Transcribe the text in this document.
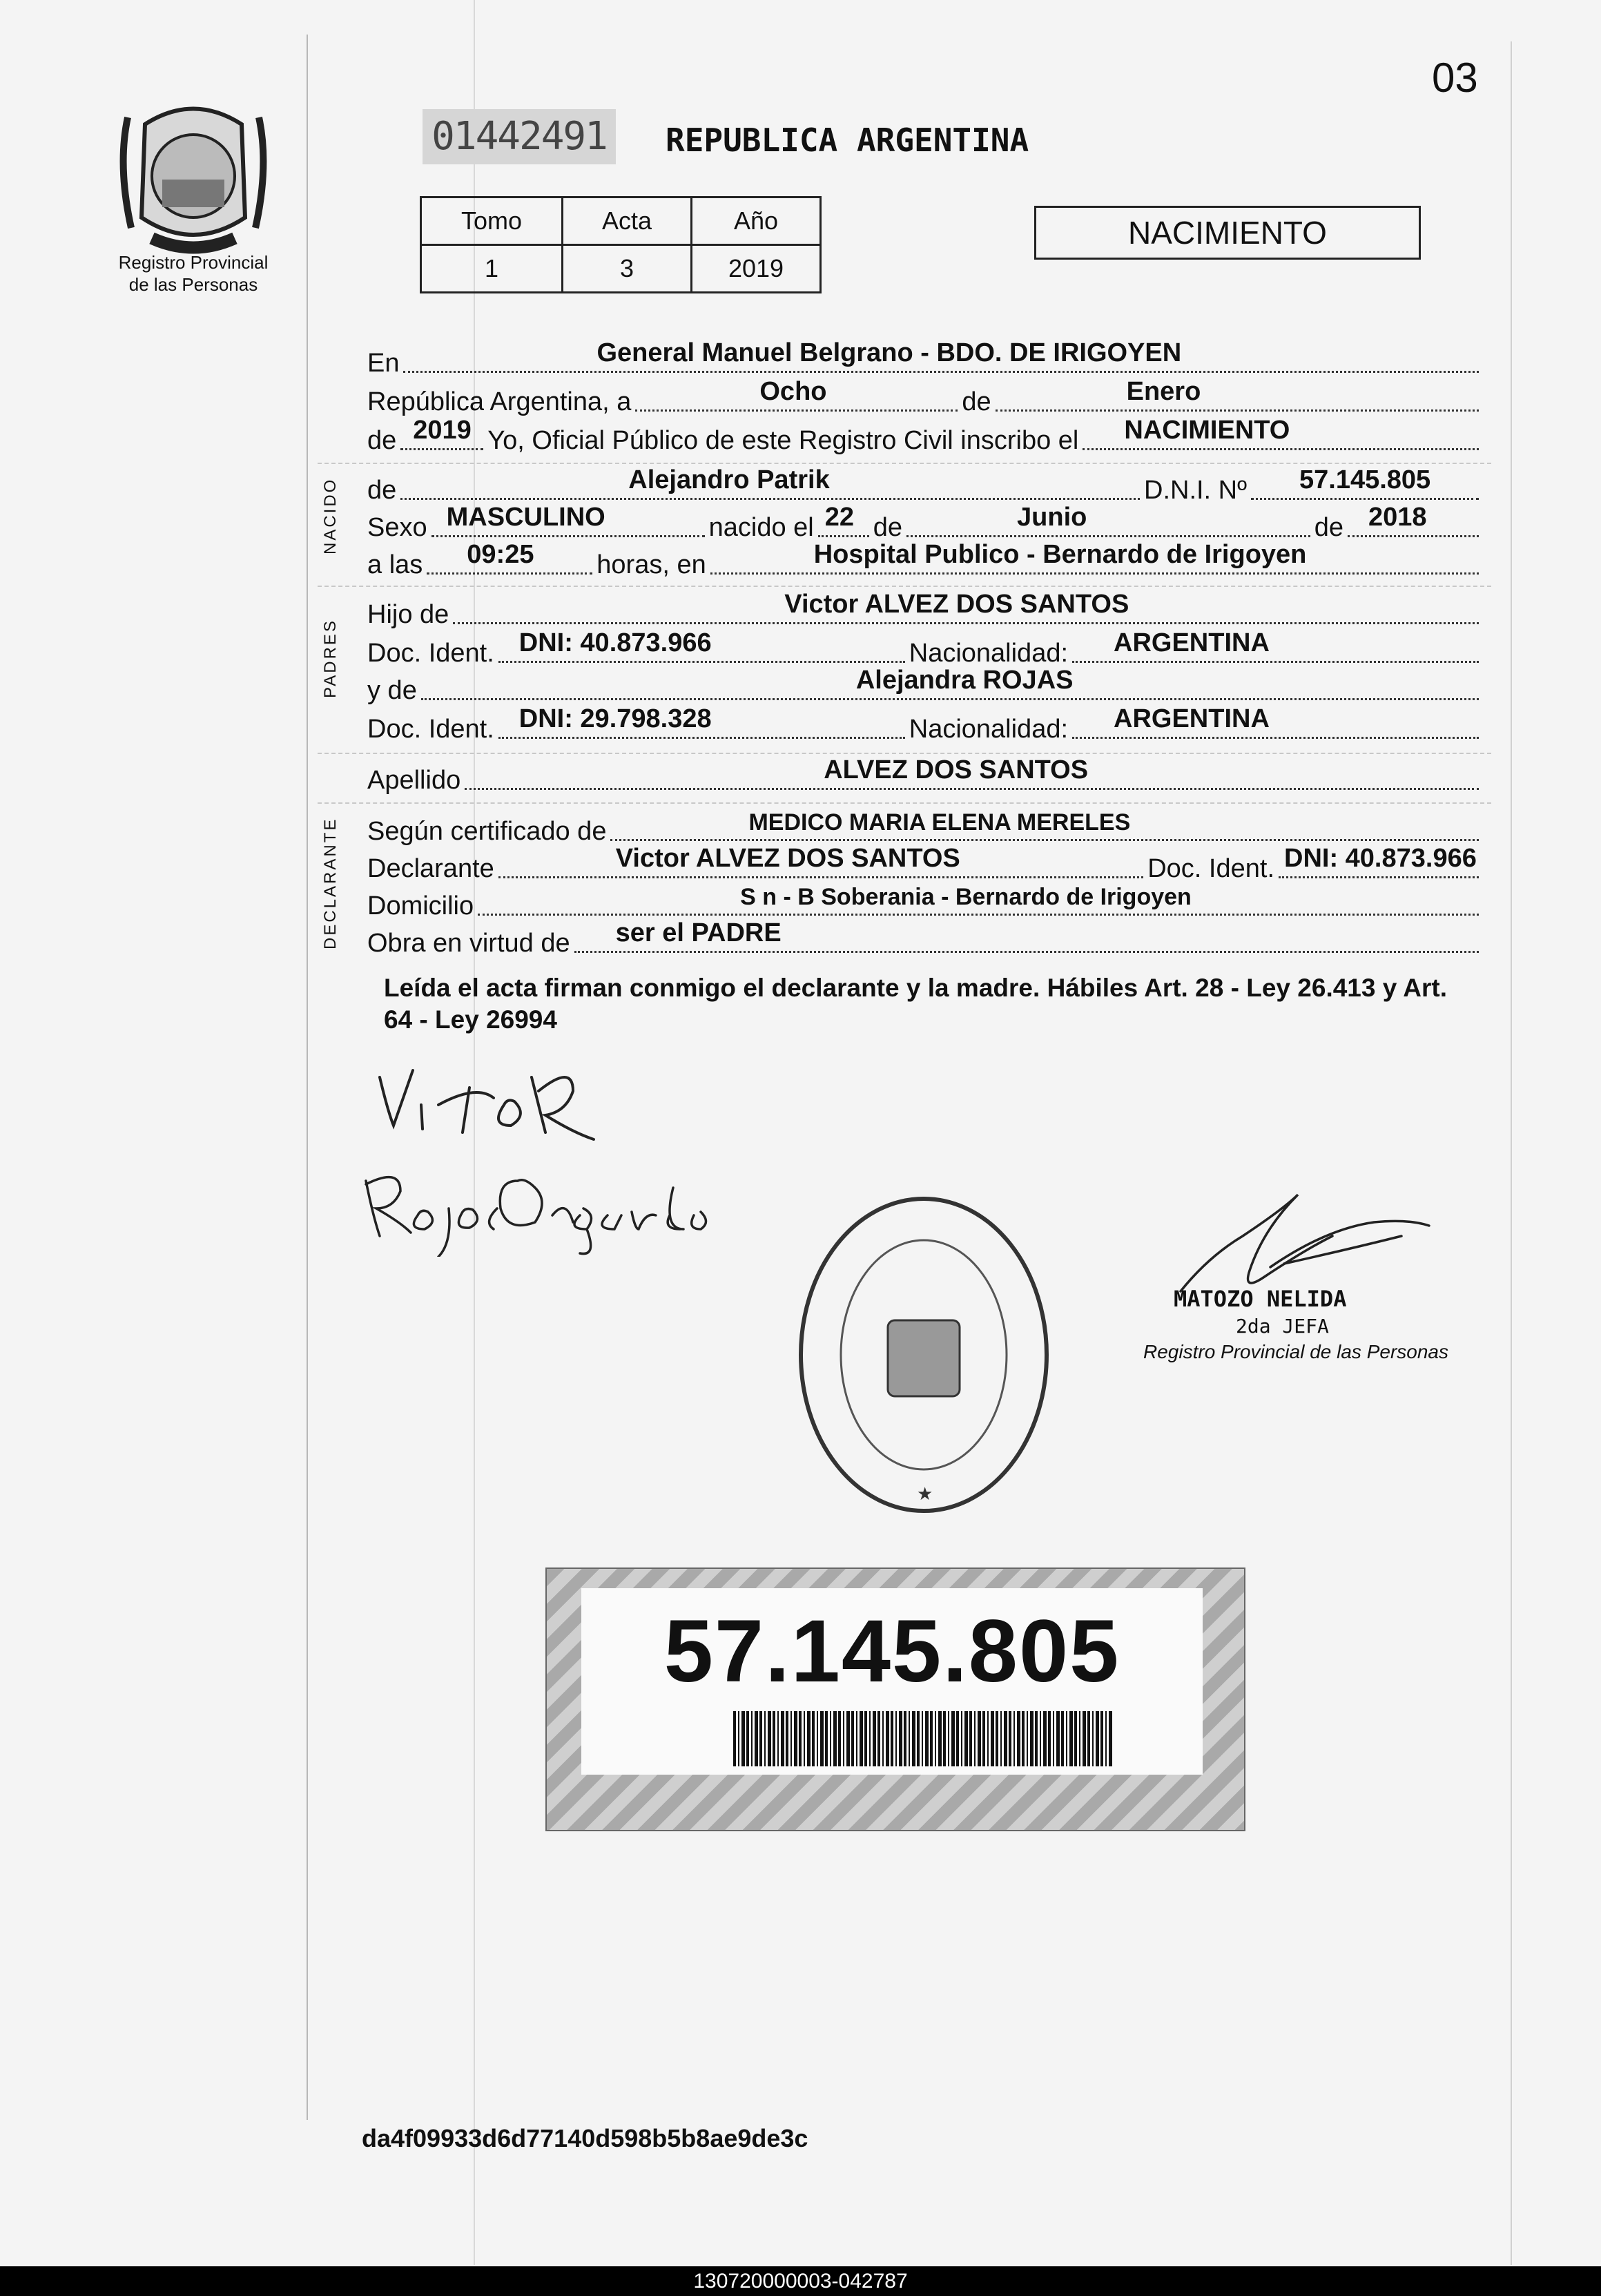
03
Registro Provincial
de las Personas
01442491 REPUBLICA ARGENTINA
Tomo	Acta	Año
1	3	2019
NACIMIENTO
En	General Manuel Belgrano - BDO. DE IRIGOYEN
República Argentina, a	Ocho	de	Enero
de 2019 Yo, Oficial Público de este Registro Civil inscribo el NACIMIENTO
NACIDO de	Alejandro Patrik	D.N.I. Nº 57.145.805
Sexo MASCULINO	nacido el 22 de	Junio	de 2018
a las 09:25 horas, en	Hospital Publico - Bernardo de Irigoyen
PADRES
Hijo de	Victor ALVEZ DOS SANTOS
Doc. Ident. DNI: 40.873.966	Nacionalidad: ARGENTINA
y de	Alejandra ROJAS
Doc. Ident. DNI: 29.798.328	Nacionalidad: ARGENTINA
Apellido	ALVEZ DOS SANTOS
DECLARANTE Según certificado de	MEDICO MARIA ELENA MERELES
Declarante	Victor ALVEZ DOS SANTOS	Doc. Ident. DNI: 40.873.966
Domicilio	S n - B Soberania - Bernardo de Irigoyen
Obra en virtud de ser el PADRE
Leída el acta firman conmigo el declarante y la madre. Hábiles Art. 28 - Ley 26.413 y Art. 64 - Ley 26994
★
MATOZO NELIDA
2da JEFA
Registro Provincial de las Personas
57.145.805
da4f09933d6d77140d598b5b8ae9de3c
130720000003-042787
